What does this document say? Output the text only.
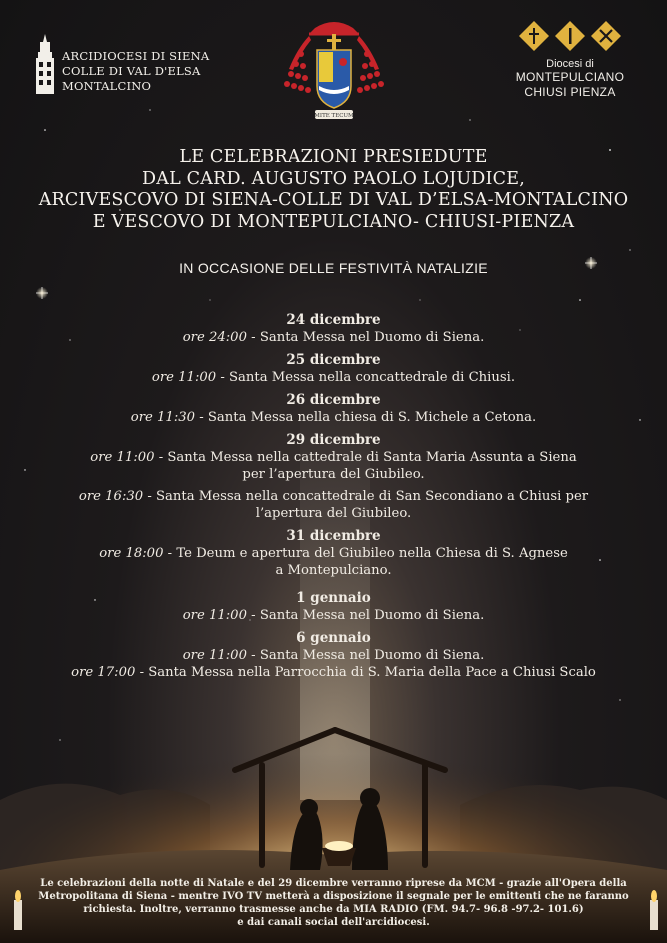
ARCIDIOCESI DI SIENA
COLLE DI VAL D'ELSA
MONTALCINO
MITE TECUM
Diocesi di
MONTEPULCIANO
CHIUSI PIENZA
LE CELEBRAZIONI PRESIEDUTE
DAL CARD. AUGUSTO PAOLO LOJUDICE,
ARCIVESCOVO DI SIENA-COLLE DI VAL D’ELSA-MONTALCINO
E VESCOVO DI MONTEPULCIANO- CHIUSI-PIENZA
IN OCCASIONE DELLE FESTIVITÀ NATALIZIE
24 dicembre
ore 24:00 - Santa Messa nel Duomo di Siena.
25 dicembre
ore 11:00 - Santa Messa nella concattedrale di Chiusi.
26 dicembre
ore 11:30 - Santa Messa nella chiesa di S. Michele a Cetona.
29 dicembre
ore 11:00 - Santa Messa nella cattedrale di Santa Maria Assunta a Siena
per l’apertura del Giubileo.
ore 16:30 - Santa Messa nella concattedrale di San Secondiano a Chiusi per
l’apertura del Giubileo.
31 dicembre
ore 18:00 - Te Deum e apertura del Giubileo nella Chiesa di S. Agnese
a Montepulciano.
1 gennaio
ore 11:00 - Santa Messa nel Duomo di Siena.
6 gennaio
ore 11:00 - Santa Messa nel Duomo di Siena.
ore 17:00 - Santa Messa nella Parrocchia di S. Maria della Pace a Chiusi Scalo
Le celebrazioni della notte di Natale e del 29 dicembre verranno riprese da MCM - grazie all'Opera della
Metropolitana di Siena - mentre IVO TV metterà a disposizione il segnale per le emittenti che ne faranno
richiesta. Inoltre, verranno trasmesse anche da MIA RADIO (FM. 94.7- 96.8 -97.2- 101.6)
e dai canali social dell'arcidiocesi.
